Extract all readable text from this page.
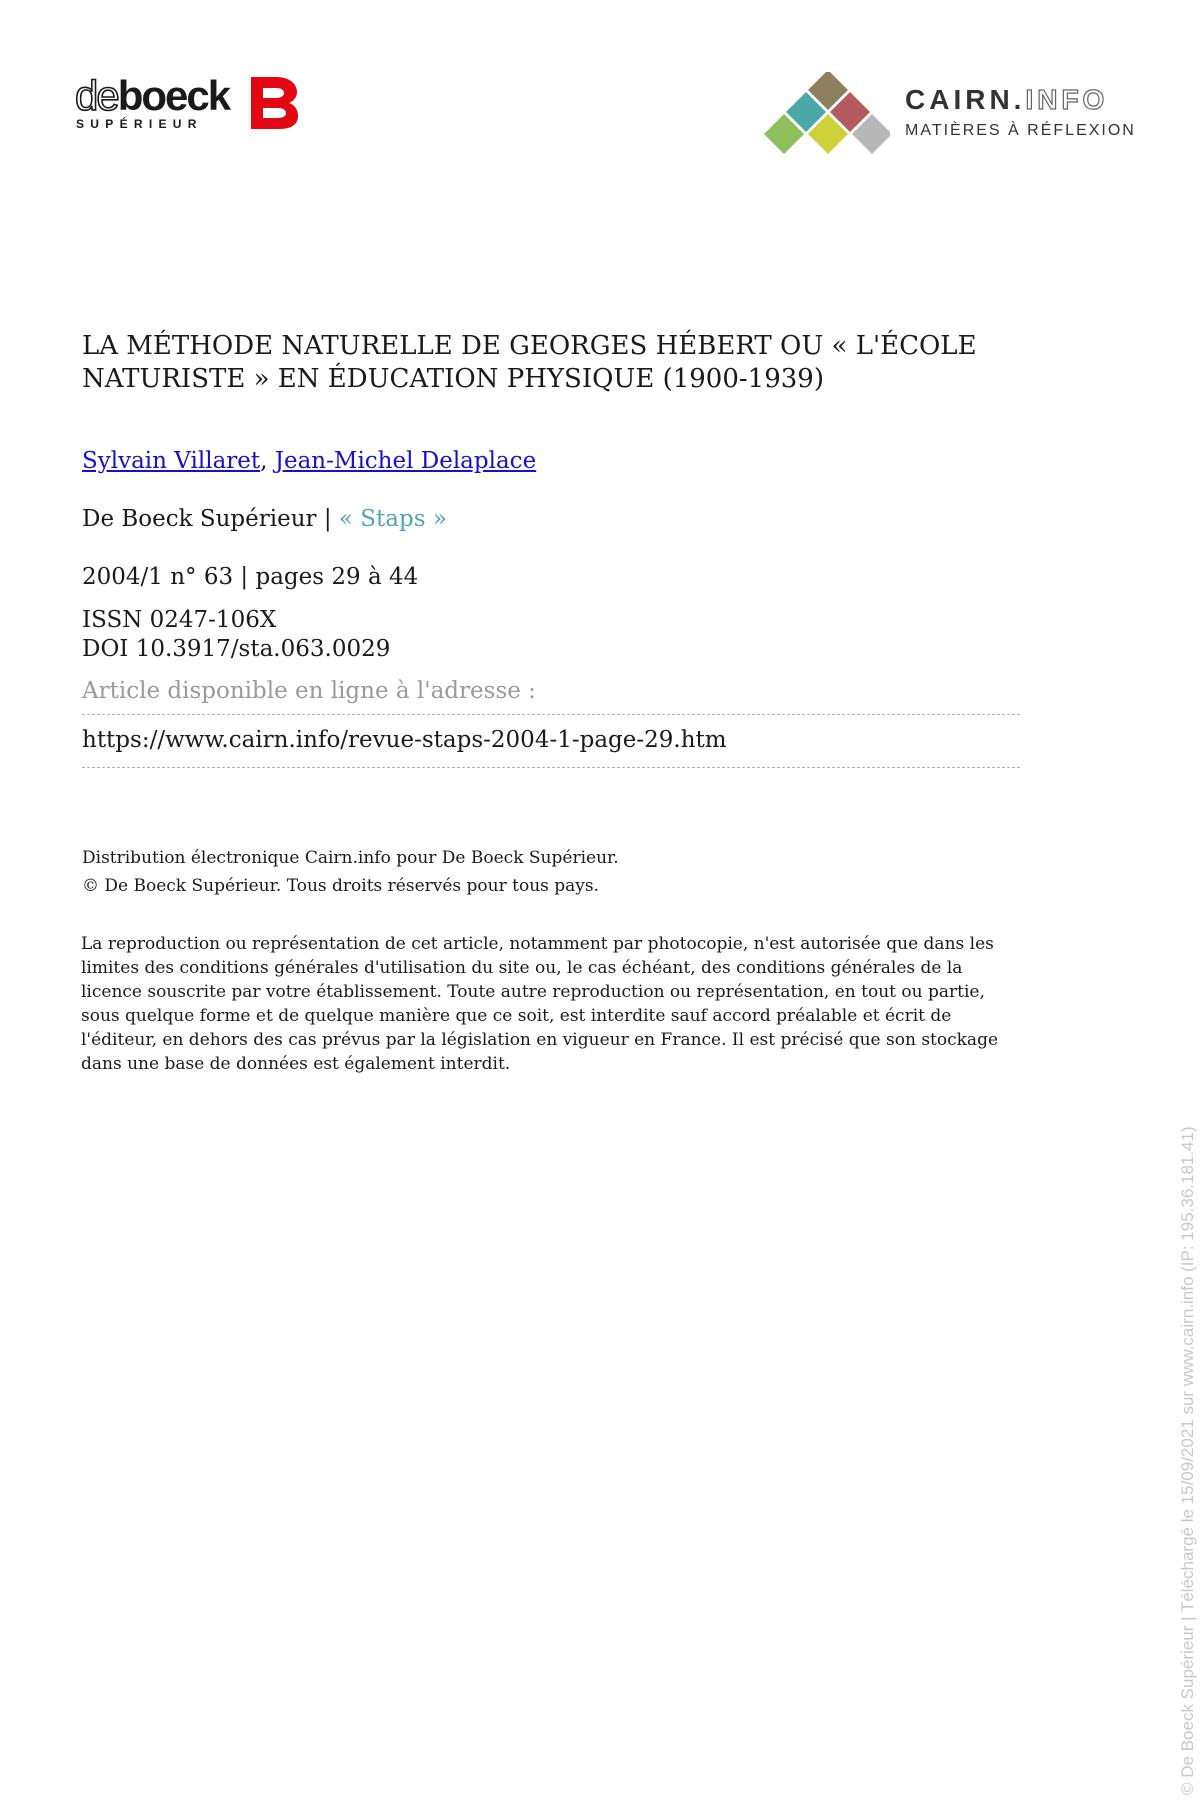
deboeck
SUPÉRIEUR
CAIRN.INFO
MATIÈRES À RÉFLEXION
LA MÉTHODE NATURELLE DE GEORGES HÉBERT OU « L'ÉCOLE
NATURISTE » EN ÉDUCATION PHYSIQUE (1900-1939)
Sylvain Villaret, Jean-Michel Delaplace
De Boeck Supérieur | « Staps »
2004/1 n° 63 | pages 29 à 44
ISSN 0247-106X
DOI 10.3917/sta.063.0029
Article disponible en ligne à l'adresse :
https://www.cairn.info/revue-staps-2004-1-page-29.htm
Distribution électronique Cairn.info pour De Boeck Supérieur.
© De Boeck Supérieur. Tous droits réservés pour tous pays.
La reproduction ou représentation de cet article, notamment par photocopie, n'est autorisée que dans les
limites des conditions générales d'utilisation du site ou, le cas échéant, des conditions générales de la
licence souscrite par votre établissement. Toute autre reproduction ou représentation, en tout ou partie,
sous quelque forme et de quelque manière que ce soit, est interdite sauf accord préalable et écrit de
l'éditeur, en dehors des cas prévus par la législation en vigueur en France. Il est précisé que son stockage
dans une base de données est également interdit.
© De Boeck Supérieur | Téléchargé le 15/09/2021 sur www.cairn.info (IP: 195.36.181.41)
